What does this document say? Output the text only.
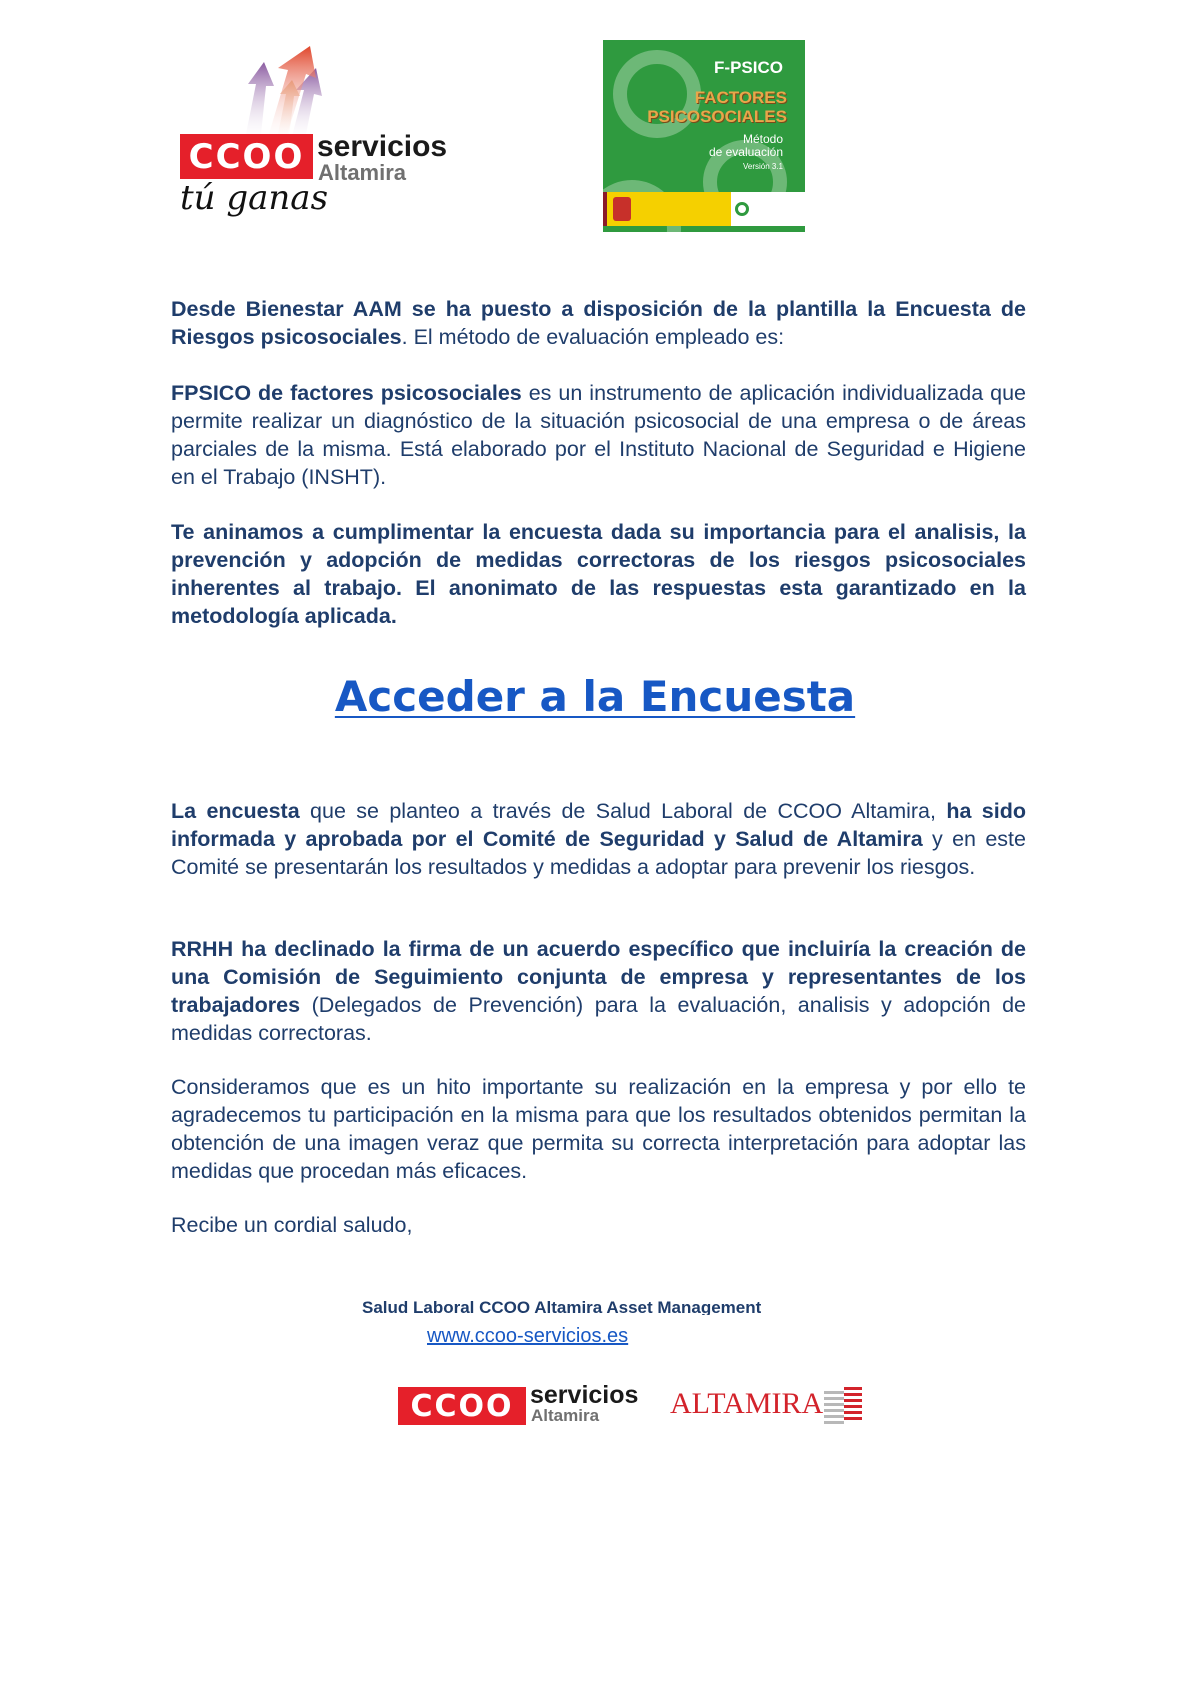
CCOO servicios
Altamira
tú ganas
F-PSICO
FACTORES
PSICOSOCIALES
Método
de evaluación
Versión 3.1
Desde Bienestar AAM se ha puesto a disposición de la plantilla la Encuesta de Riesgos psicosociales. El método de evaluación empleado es:
FPSICO de factores psicosociales es un instrumento de aplicación individualizada que permite realizar un diagnóstico de la situación psicosocial de una empresa o de áreas parciales de la misma. Está elaborado por el Instituto Nacional de Seguridad e Higiene en el Trabajo (INSHT).
Te aninamos a cumplimentar la encuesta dada su importancia para el analisis, la prevención y adopción de medidas correctoras de los riesgos psicosociales inherentes al trabajo. El anonimato de las respuestas esta garantizado en la metodología aplicada.
Acceder a la Encuesta
La encuesta que se planteo a través de Salud Laboral de CCOO Altamira, ha sido informada y aprobada por el Comité de Seguridad y Salud de Altamira y en este Comité se presentarán los resultados y medidas a adoptar para prevenir los riesgos.
RRHH ha declinado la firma de un acuerdo específico que incluiría la creación de una Comisión de Seguimiento conjunta de empresa y representantes de los trabajadores (Delegados de Prevención) para la evaluación, analisis y adopción de medidas correctoras.
Consideramos que es un hito importante su realización en la empresa y por ello te agradecemos tu participación en la misma para que los resultados obtenidos permitan la obtención de una imagen veraz que permita su correcta interpretación para adoptar las medidas que procedan más eficaces.
Recibe un cordial saludo,
Salud Laboral CCOO Altamira Asset Management
www.ccoo-servicios.es
CCOO servicios
Altamira ALTAMIRA
